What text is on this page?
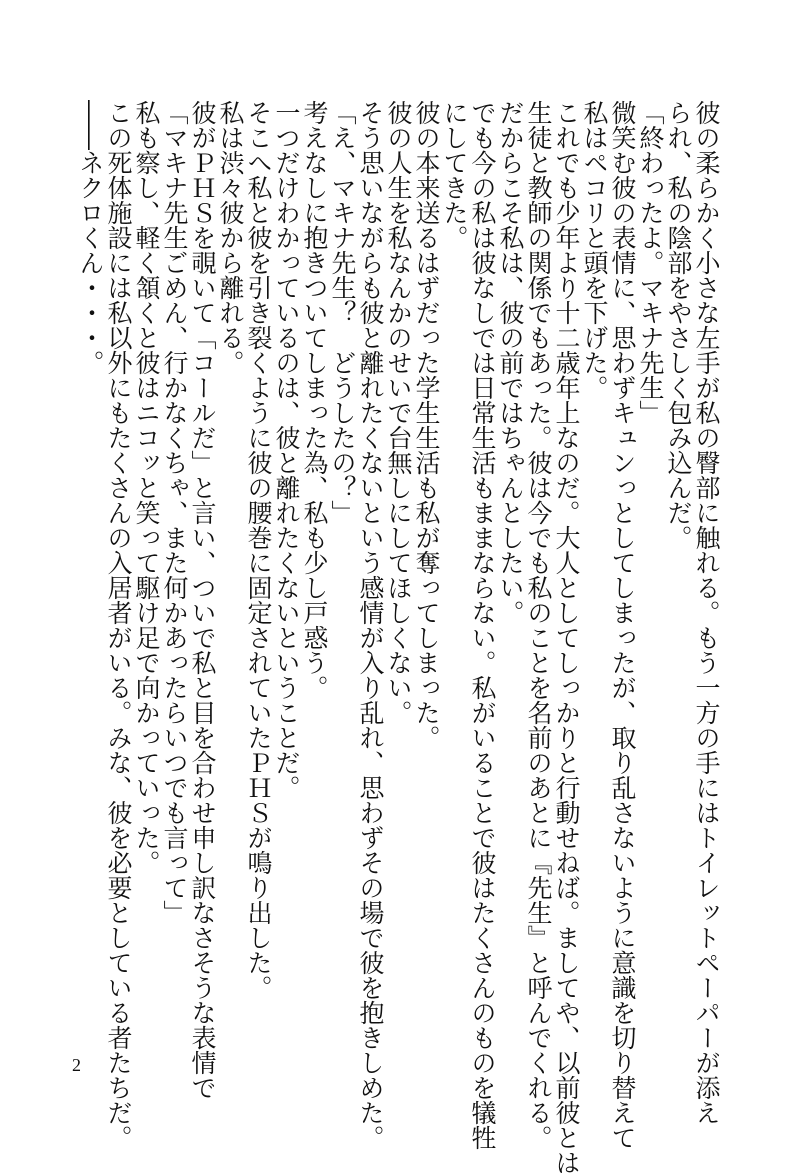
彼の柔らかく小さな左手が私の臀部に触れる。もう一方の手にはトイレットペーパーが添え

られ、私の陰部をやさしく包み込んだ。

「終わったよ。マキナ先生」

微笑む彼の表情に、思わずキュンっとしてしまったが、取り乱さないように意識を切り替えて

私はペコリと頭を下げた。

これでも少年より十二歳年上なのだ。大人としてしっかりと行動せねば。ましてや、以前彼とは

生徒と教師の関係でもあった。彼は今でも私のことを名前のあとに『先生』と呼んでくれる。

だからこそ私は、彼の前ではちゃんとしたい。

でも今の私は彼なしでは日常生活もままならない。私がいることで彼はたくさんのものを犠牲

にしてきた。

彼の本来送るはずだった学生生活も私が奪ってしまった。

彼の人生を私なんかのせいで台無しにしてほしくない。

そう思いながらも彼と離れたくないという感情が入り乱れ、思わずその場で彼を抱きしめた。

「え、マキナ先生？　どうしたの？」

考えなしに抱きついてしまった為、私も少し戸惑う。

一つだけわかっているのは、彼と離れたくないということだ。

そこへ私と彼を引き裂くように彼の腰巻に固定されていたＰＨＳが鳴り出した。

私は渋々彼から離れる。

彼がＰＨＳを覗いて「コールだ」と言い、ついで私と目を合わせ申し訳なさそうな表情で

「マキナ先生ごめん、行かなくちゃ、また何かあったらいつでも言って」

私も察し、軽く頷くと彼はニコッと笑って駆け足で向かっていった。

この死体施設には私以外にもたくさんの入居者がいる。みな、彼を必要としている者たちだ。

――ネクロくん・・・。

2
